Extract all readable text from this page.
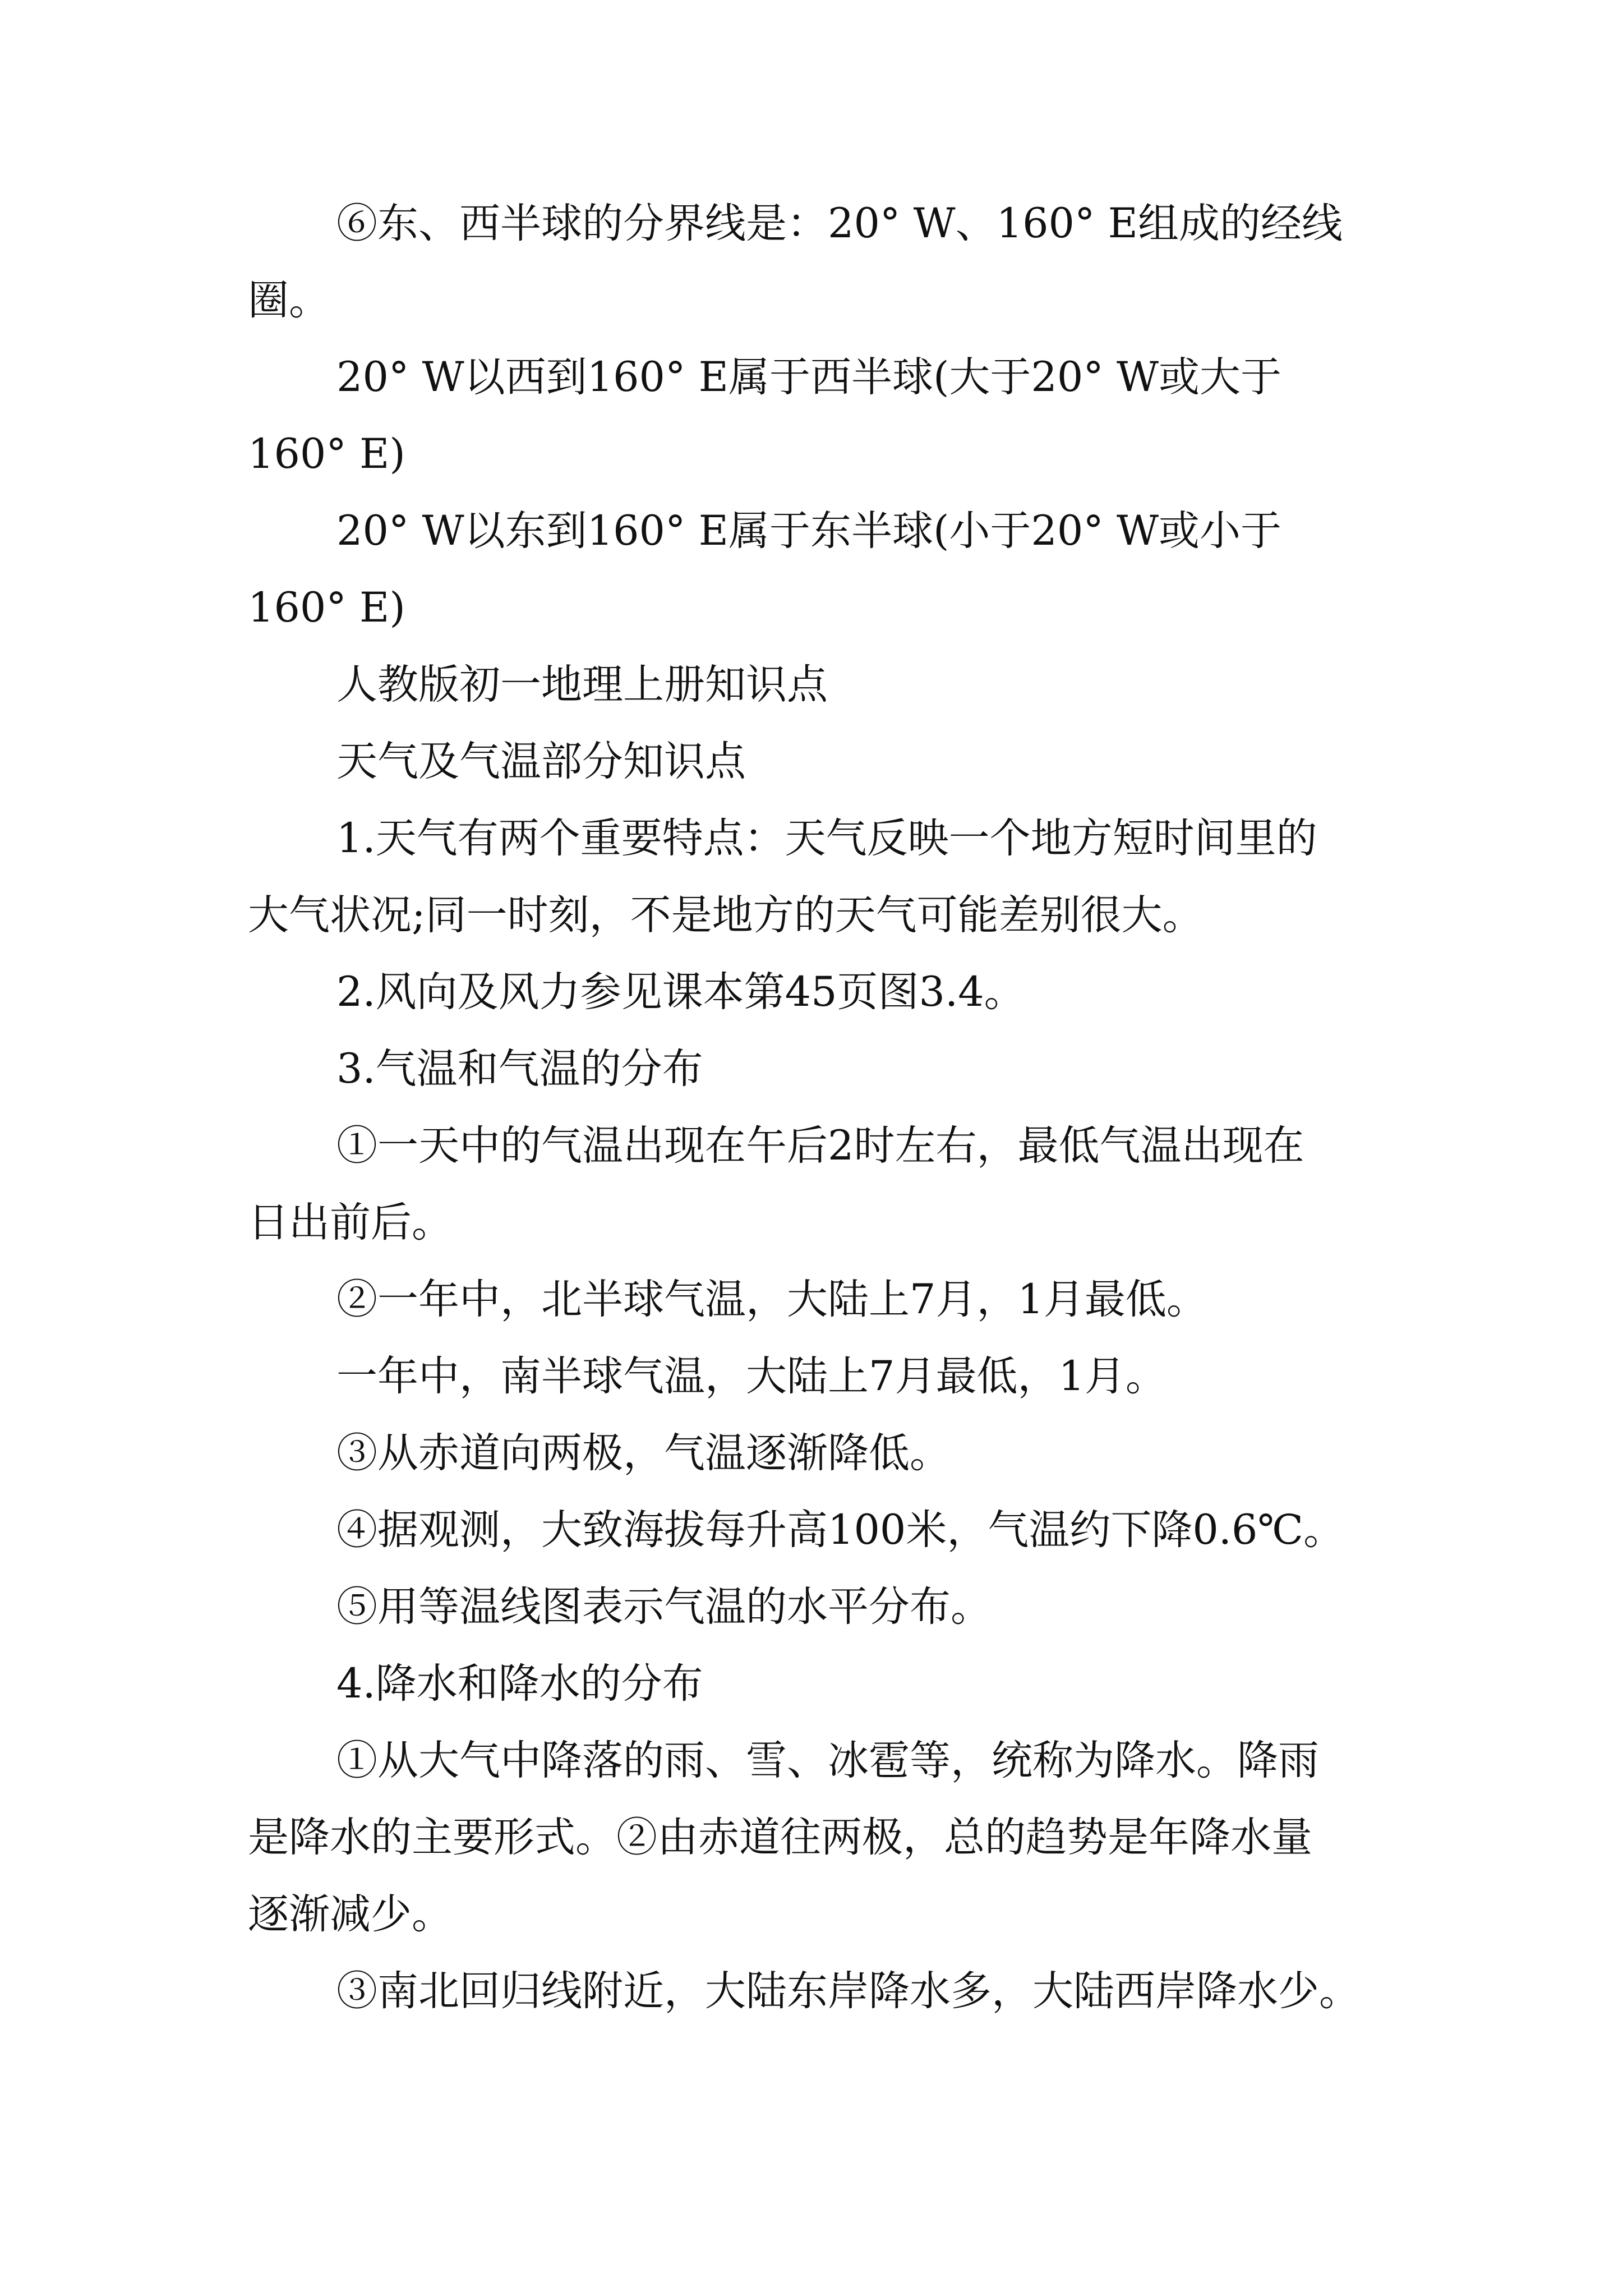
⑥东、西半球的分界线是：20° W、160° E组成的经线

圈。

20° W以西到160° E属于西半球(大于20° W或大于

160° E)

20° W以东到160° E属于东半球(小于20° W或小于

160° E)

人教版初一地理上册知识点

天气及气温部分知识点

1.天气有两个重要特点：天气反映一个地方短时间里的

大气状况;同一时刻，不是地方的天气可能差别很大。

2.风向及风力参见课本第45页图3.4。

3.气温和气温的分布

①一天中的气温出现在午后2时左右，最低气温出现在

日出前后。

②一年中，北半球气温，大陆上7月，1月最低。

一年中，南半球气温，大陆上7月最低，1月。

③从赤道向两极，气温逐渐降低。

④据观测，大致海拔每升高100米，气温约下降0.6℃。

⑤用等温线图表示气温的水平分布。

4.降水和降水的分布

①从大气中降落的雨、雪、冰雹等，统称为降水。降雨

是降水的主要形式。②由赤道往两极，总的趋势是年降水量

逐渐减少。

③南北回归线附近，大陆东岸降水多，大陆西岸降水少。
